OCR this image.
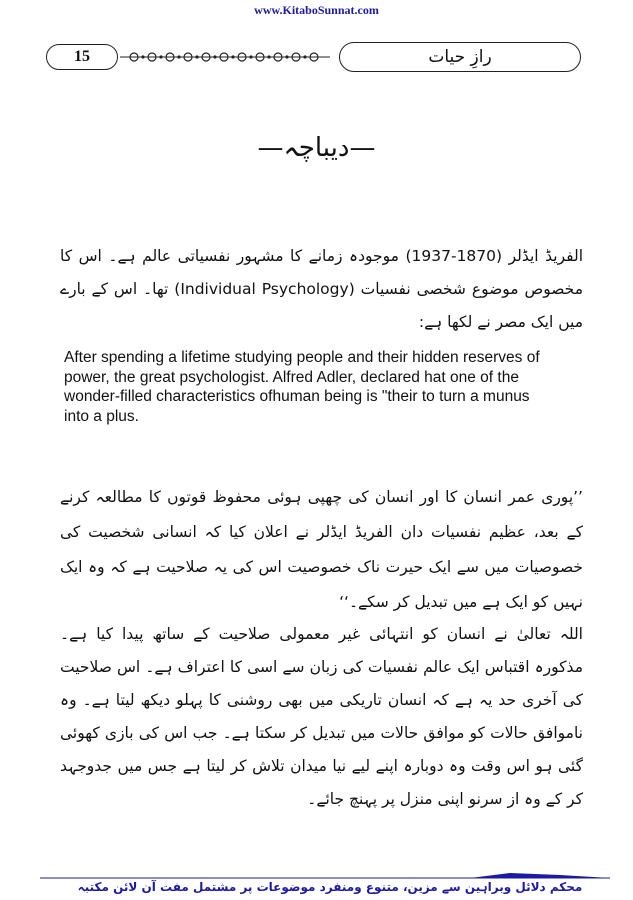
www.KitaboSunnat.com
15	رازِ حیات
—دیباچہ—

الفریڈ ایڈلر (1870-1937) موجودہ زمانے کا مشہور نفسیاتی عالم ہے۔ اس کا مخصوص موضوع شخصی نفسیات (Individual Psychology) تھا۔ اس کے بارے میں ایک مصر نے لکھا ہے:

After spending a lifetime studying people and their hidden reserves of power, the great psychologist. Alfred Adler, declared hat one of the wonder-filled characteristics ofhuman being is "their to turn a munus into a plus.

’’پوری عمر انسان کا اور انسان کی چھپی ہوئی محفوظ قوتوں کا مطالعہ کرنے کے بعد، عظیم نفسیات دان الفریڈ ایڈلر نے اعلان کیا کہ انسانی شخصیت کی خصوصیات میں سے ایک حیرت ناک خصوصیت اس کی یہ صلاحیت ہے کہ وہ ایک نہیں کو ایک ہے میں تبدیل کر سکے۔‘‘

اللہ تعالیٰ نے انسان کو انتہائی غیر معمولی صلاحیت کے ساتھ پیدا کیا ہے۔ مذکورہ اقتباس ایک عالم نفسیات کی زبان سے اسی کا اعتراف ہے۔ اس صلاحیت کی آخری حد یہ ہے کہ انسان تاریکی میں بھی روشنی کا پہلو دیکھ لیتا ہے۔ وہ ناموافق حالات کو موافق حالات میں تبدیل کر سکتا ہے۔ جب اس کی بازی کھوئی گئی ہو اس وقت وہ دوبارہ اپنے لیے نیا میدان تلاش کر لیتا ہے جس میں جدوجہد کر کے وہ از سرنو اپنی منزل پر پہنچ جائے۔

محکم دلائل وبراہین سے مزین، متنوع ومنفرد موضوعات پر مشتمل مفت آن لائن مکتبہ
